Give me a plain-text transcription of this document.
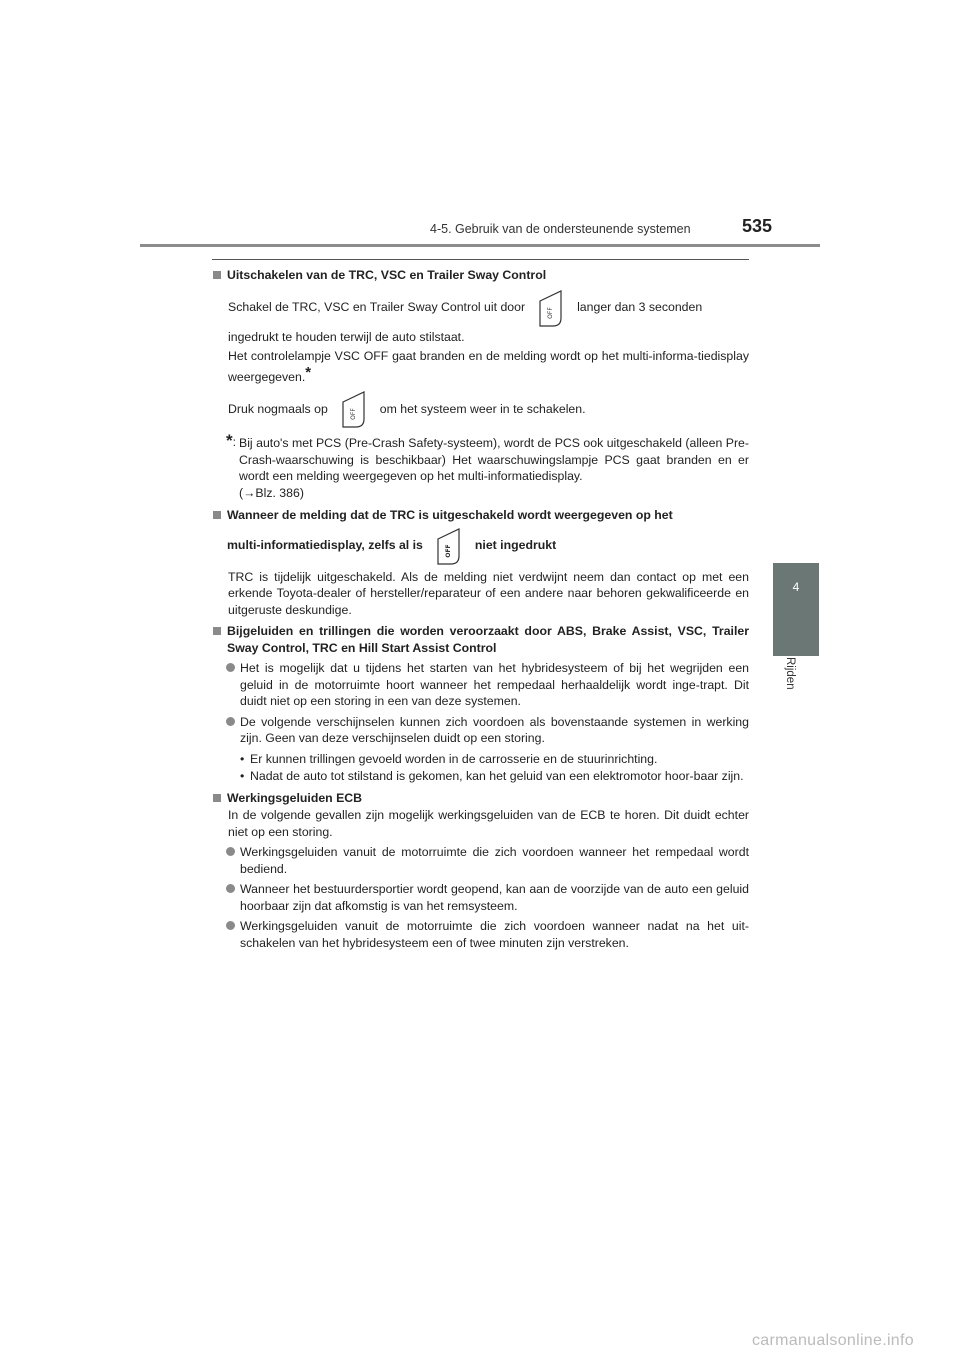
4-5. Gebruik van de ondersteunende systemen	535
4
Rijden
Uitschakelen van de TRC, VSC en Trailer Sway Control
Schakel de TRC, VSC en Trailer Sway Control uit door	OFF langer dan 3 seconden
ingedrukt te houden terwijl de auto stilstaat.
Het controlelampje VSC OFF gaat branden en de melding wordt op het multi-informa-tiedisplay weergegeven.*
Druk nogmaals op	OFF om het systeem weer in te schakelen.
*: Bij auto's met PCS (Pre-Crash Safety-systeem), wordt de PCS ook uitgeschakeld (alleen Pre-Crash-waarschuwing is beschikbaar) Het waarschuwingslampje PCS gaat branden en er wordt een melding weergegeven op het multi-informatiedisplay.
(→Blz. 386)
Wanneer de melding dat de TRC is uitgeschakeld wordt weergegeven op het
multi-informatiedisplay, zelfs al is	OFF niet ingedrukt
TRC is tijdelijk uitgeschakeld. Als de melding niet verdwijnt neem dan contact op met een erkende Toyota-dealer of hersteller/reparateur of een andere naar behoren gekwalificeerde en uitgeruste deskundige.
Bijgeluiden en trillingen die worden veroorzaakt door ABS, Brake Assist, VSC, Trailer Sway Control, TRC en Hill Start Assist Control
Het is mogelijk dat u tijdens het starten van het hybridesysteem of bij het wegrijden een geluid in de motorruimte hoort wanneer het rempedaal herhaaldelijk wordt inge-trapt. Dit duidt niet op een storing in een van deze systemen.
De volgende verschijnselen kunnen zich voordoen als bovenstaande systemen in werking zijn. Geen van deze verschijnselen duidt op een storing.
• Er kunnen trillingen gevoeld worden in de carrosserie en de stuurinrichting.
• Nadat de auto tot stilstand is gekomen, kan het geluid van een elektromotor hoor-baar zijn.
Werkingsgeluiden ECB
In de volgende gevallen zijn mogelijk werkingsgeluiden van de ECB te horen. Dit duidt echter niet op een storing.
Werkingsgeluiden vanuit de motorruimte die zich voordoen wanneer het rempedaal wordt bediend.
Wanneer het bestuurdersportier wordt geopend, kan aan de voorzijde van de auto een geluid hoorbaar zijn dat afkomstig is van het remsysteem.
Werkingsgeluiden vanuit de motorruimte die zich voordoen wanneer nadat na het uit-schakelen van het hybridesysteem een of twee minuten zijn verstreken.
carmanualsonline.info
